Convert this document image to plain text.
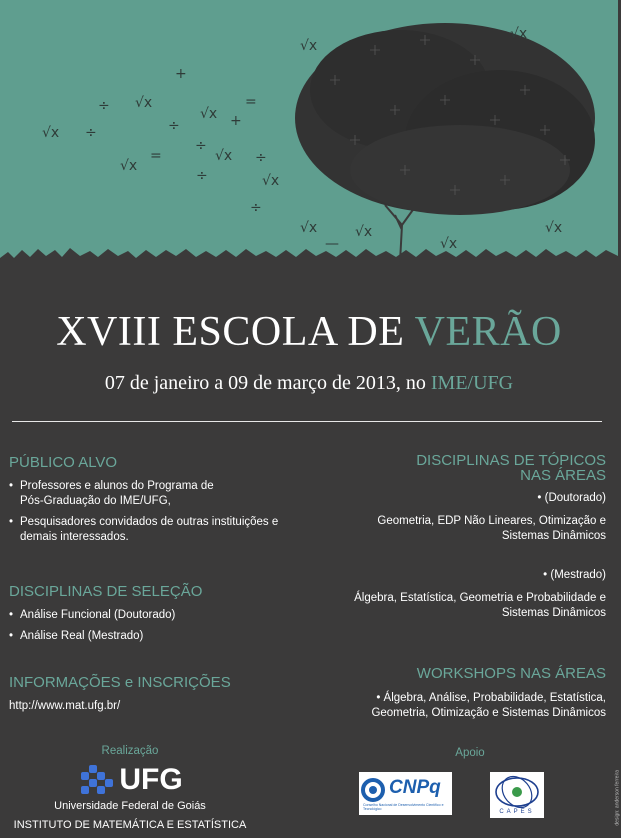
+
÷ √x
√x ÷	÷
√x
=
+
=
÷
√x
√x
÷
÷
√x
÷
√x
√x	√x
—	√x
√x
√x
XVIII ESCOLA DE VERÃO
07 de janeiro a 09 de março de 2013, no IME/UFG
PÚBLICO ALVO
• Professores e alunos do Programa de Pós-Graduação do IME/UFG,
• Pesquisadores convidados de outras instituições e demais interessados.
DISCIPLINAS DE SELEÇÃO
• Análise Funcional (Doutorado)
• Análise Real (Mestrado)
INFORMAÇÕES e INSCRIÇÕES
http://www.mat.ufg.br/
DISCIPLINAS DE TÓPICOS NAS ÁREAS
• (Doutorado)
Geometria, EDP Não Lineares, Otimização e Sistemas Dinâmicos
• (Mestrado)
Álgebra, Estatística, Geometria e Probabilidade e Sistemas Dinâmicos
WORKSHOPS NAS ÁREAS
• Álgebra, Análise, Probabilidade, Estatística, Geometria, Otimização e Sistemas Dinâmicos
Realização
UFG
Universidade Federal de Goiás
INSTITUTO DE MATEMÁTICA E ESTATÍSTICA
Apoio
CNPq
Conselho Nacional de Desenvolvimento Científico e Tecnológico	CAPES	design: anderson ferreira
